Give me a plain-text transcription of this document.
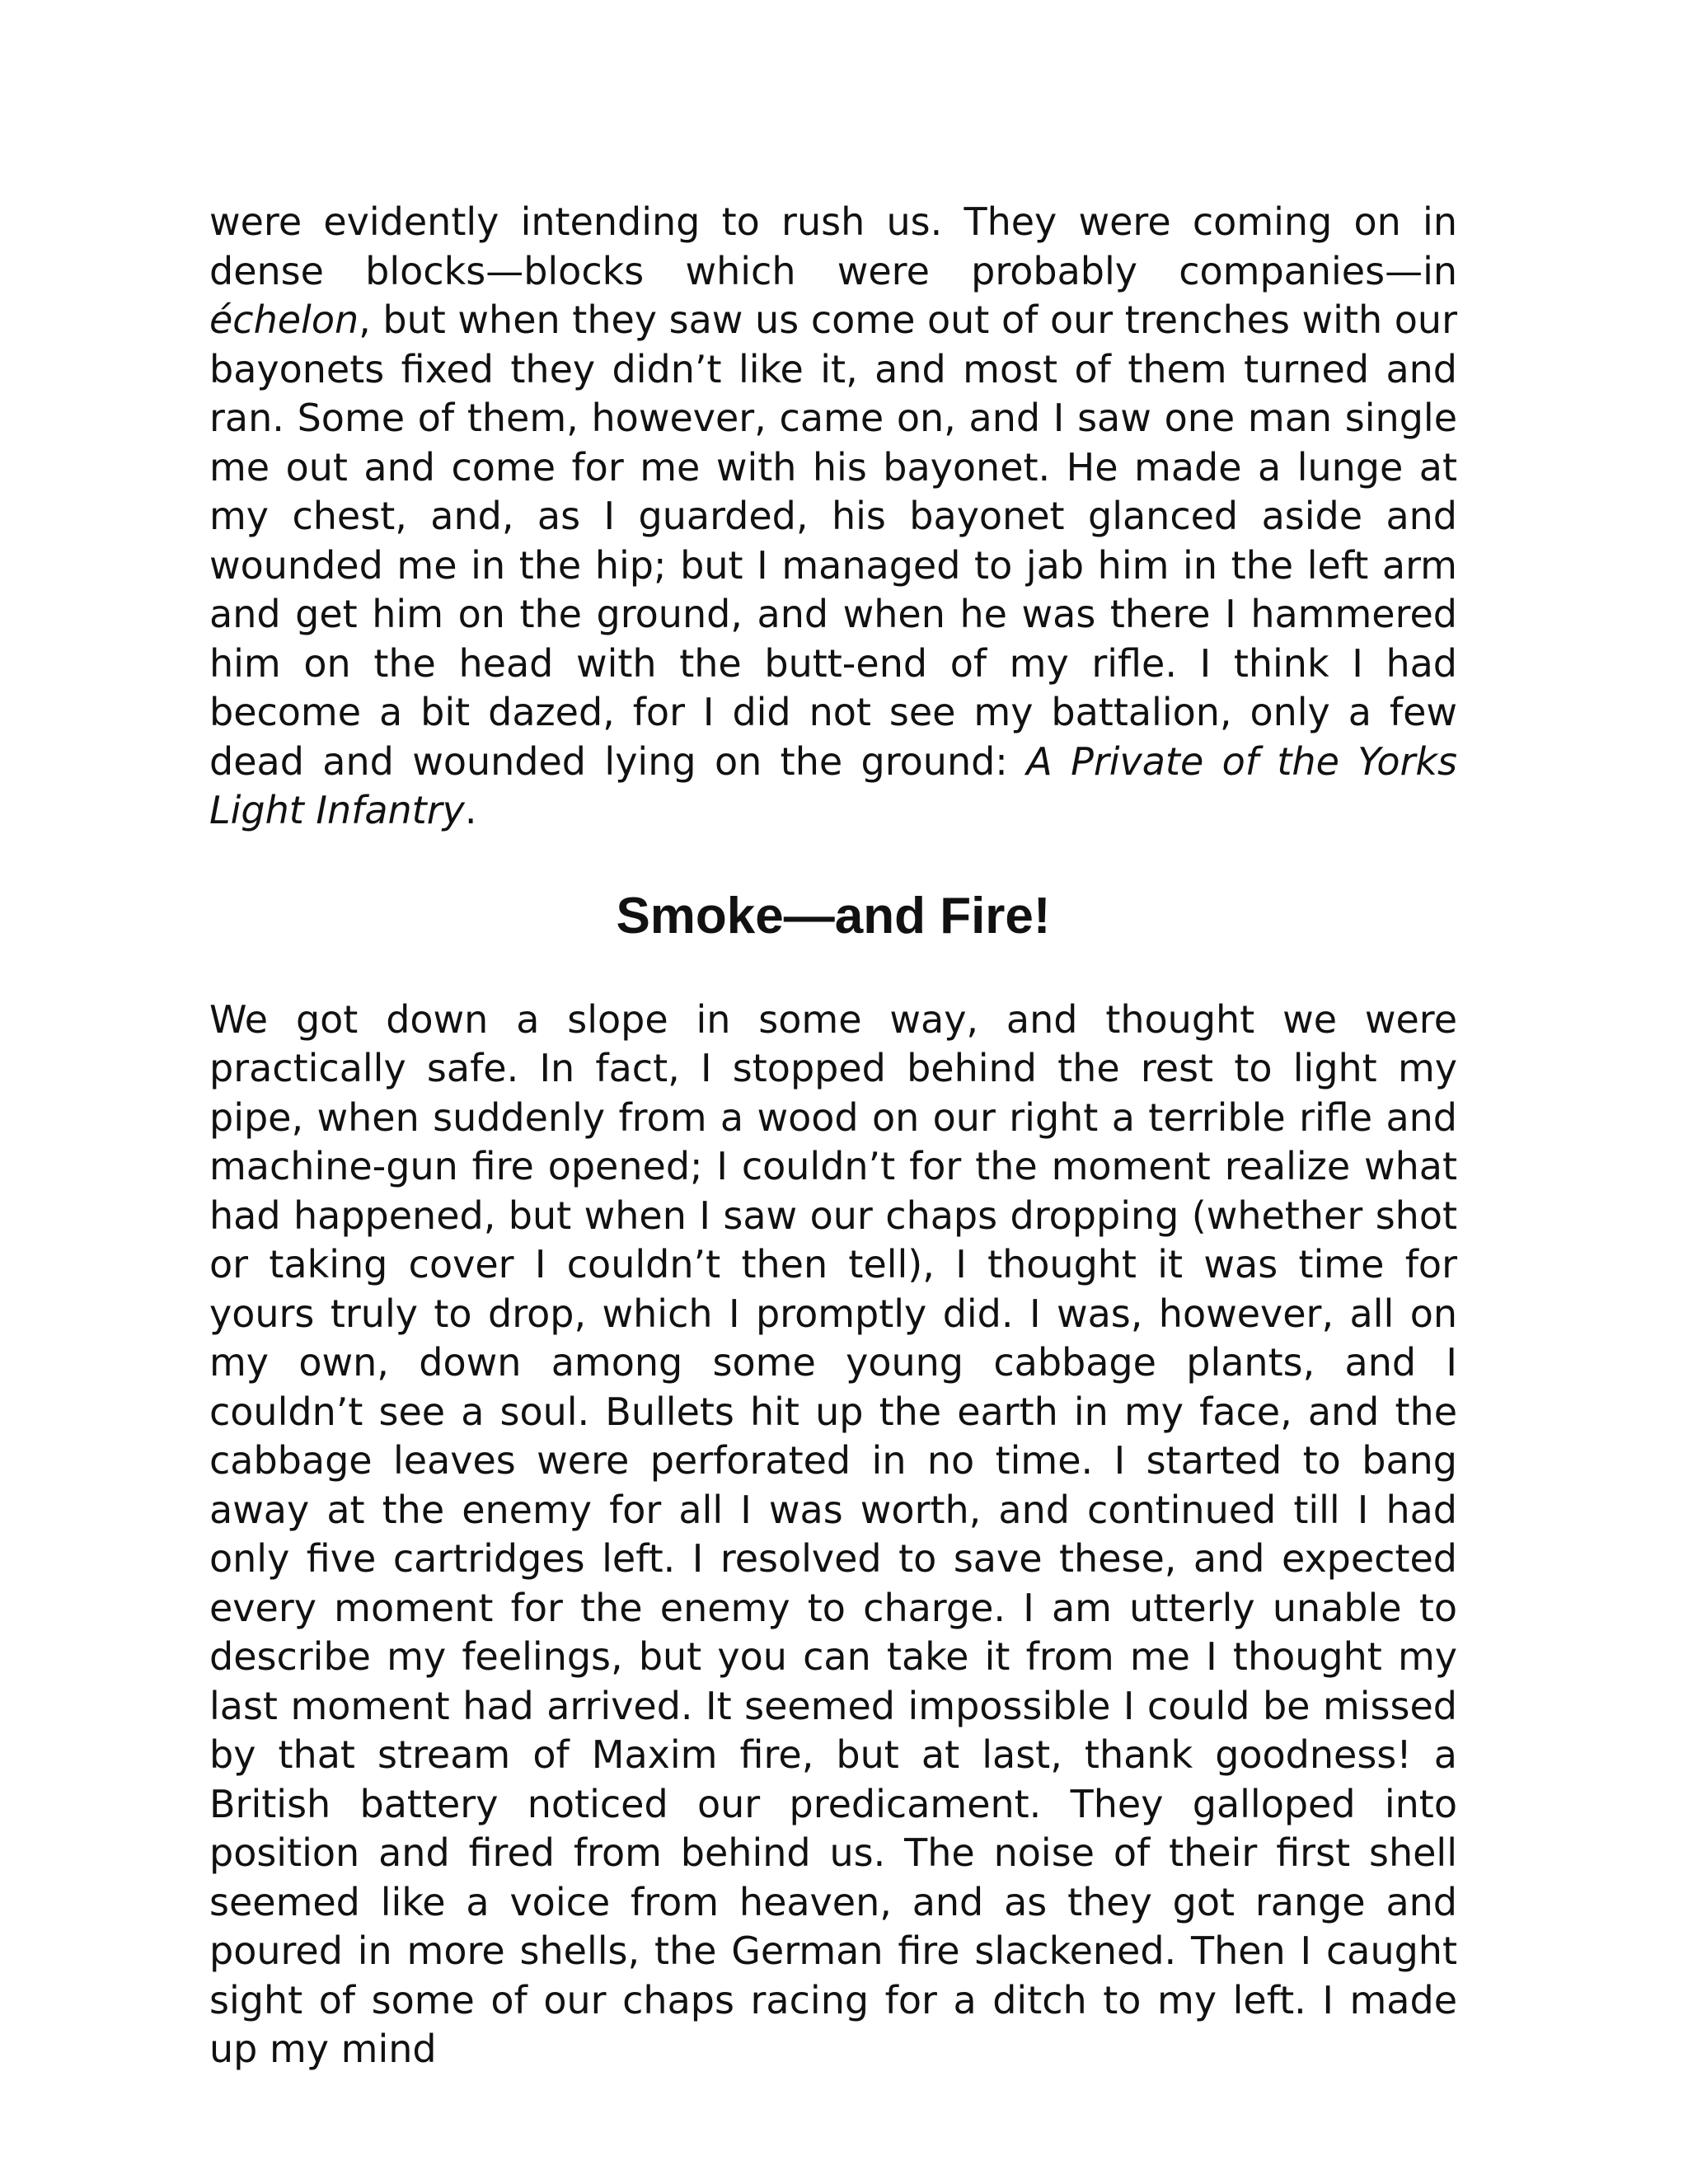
were evidently intending to rush us. They were coming on in dense blocks—blocks which were probably companies—in échelon, but when they saw us come out of our trenches with our bayonets fixed they didn’t like it, and most of them turned and ran. Some of them, however, came on, and I saw one man single me out and come for me with his bayonet. He made a lunge at my chest, and, as I guarded, his bayonet glanced aside and wounded me in the hip; but I managed to jab him in the left arm and get him on the ground, and when he was there I hammered him on the head with the butt-end of my rifle. I think I had become a bit dazed, for I did not see my battalion, only a few dead and wounded lying on the ground: A Private of the Yorks Light Infantry.

Smoke—and Fire!

We got down a slope in some way, and thought we were practically safe. In fact, I stopped behind the rest to light my pipe, when suddenly from a wood on our right a terrible rifle and machine-gun fire opened; I couldn’t for the moment realize what had happened, but when I saw our chaps dropping (whether shot or taking cover I couldn’t then tell), I thought it was time for yours truly to drop, which I promptly did. I was, however, all on my own, down among some young cabbage plants, and I couldn’t see a soul. Bullets hit up the earth in my face, and the cabbage leaves were perforated in no time. I started to bang away at the enemy for all I was worth, and continued till I had only five cartridges left. I resolved to save these, and expected every moment for the enemy to charge. I am utterly unable to describe my feelings, but you can take it from me I thought my last moment had arrived. It seemed impossible I could be missed by that stream of Maxim fire, but at last, thank goodness! a British battery noticed our predicament. They galloped into position and fired from behind us. The noise of their first shell seemed like a voice from heaven, and as they got range and poured in more shells, the German fire slackened. Then I caught sight of some of our chaps racing for a ditch to my left. I made up my mind
